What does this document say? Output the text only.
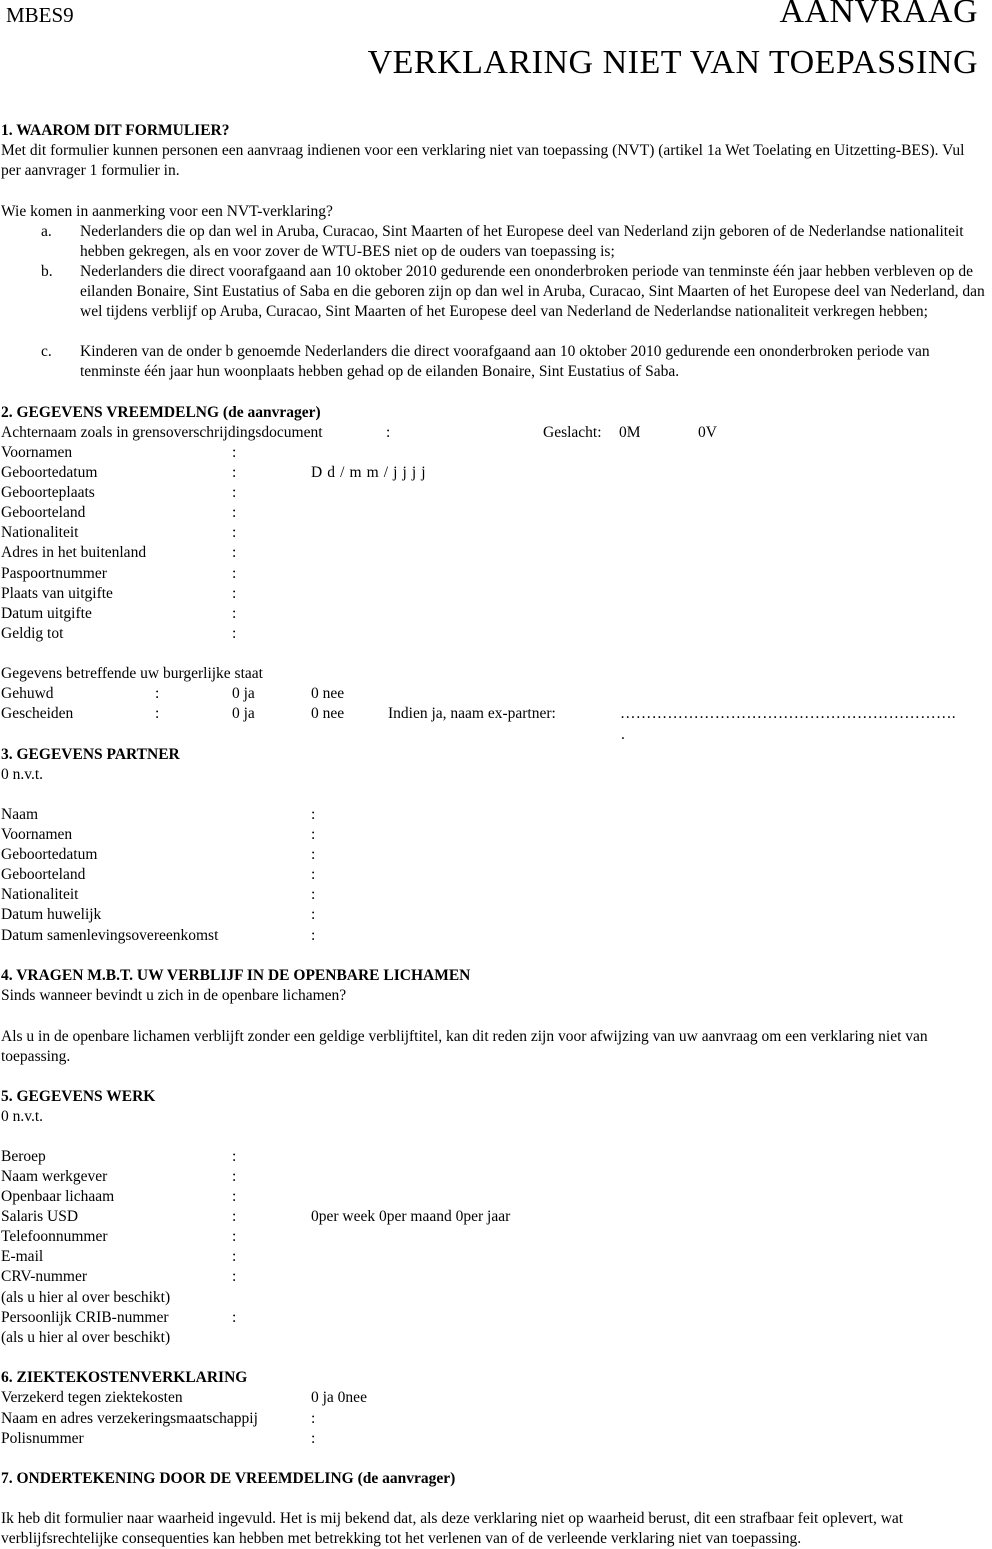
MBES9	AANVRAAG
VERKLARING NIET VAN TOEPASSING
1. WAAROM DIT FORMULIER?
Met dit formulier kunnen personen een aanvraag indienen voor een verklaring niet van toepassing (NVT) (artikel 1a Wet Toelating en Uitzetting-BES). Vul per aanvrager 1 formulier in.
Wie komen in aanmerking voor een NVT-verklaring?
a. Nederlanders die op dan wel in Aruba, Curacao, Sint Maarten of het Europese deel van Nederland zijn geboren of de Nederlandse nationaliteit hebben gekregen, als en voor zover de WTU-BES niet op de ouders van toepassing is;
b. Nederlanders die direct voorafgaand aan 10 oktober 2010 gedurende een ononderbroken periode van tenminste één jaar hebben verbleven op de eilanden Bonaire, Sint Eustatius of Saba en die geboren zijn op dan wel in Aruba, Curacao, Sint Maarten of het Europese deel van Nederland, dan wel tijdens verblijf op Aruba, Curacao, Sint Maarten of het Europese deel van Nederland de Nederlandse nationaliteit verkregen hebben;
c. Kinderen van de onder b genoemde Nederlanders die direct voorafgaand aan 10 oktober 2010 gedurende een ononderbroken periode van tenminste één jaar hun woonplaats hebben gehad op de eilanden Bonaire, Sint Eustatius of Saba.
2. GEGEVENS VREEMDELNG (de aanvrager)
Achternaam zoals in grensoverschrijdingsdocument	:	Geslacht: 0M	0V
Voornamen	:
Geboortedatum	:	D d / m m / j j j j
Geboorteplaats	:
Geboorteland	:
Nationaliteit	:
Adres in het buitenland	:
Paspoortnummer	:
Plaats van uitgifte	:
Datum uitgifte	:
Geldig tot	:
Gegevens betreffende uw burgerlijke staat
Gehuwd	:	0 ja	0 nee
Gescheiden	:	0 ja	0 nee	Indien ja, naam ex-partner:	……………………………………………………….
.
3. GEGEVENS PARTNER
0 n.v.t.
Naam	:
Voornamen	:
Geboortedatum	:
Geboorteland	:
Nationaliteit	:
Datum huwelijk	:
Datum samenlevingsovereenkomst	:
4. VRAGEN M.B.T. UW VERBLIJF IN DE OPENBARE LICHAMEN
Sinds wanneer bevindt u zich in de openbare lichamen?
Als u in de openbare lichamen verblijft zonder een geldige verblijftitel, kan dit reden zijn voor afwijzing van uw aanvraag om een verklaring niet van toepassing.
5. GEGEVENS WERK
0 n.v.t.
Beroep	:
Naam werkgever	:
Openbaar lichaam	:
Salaris USD	:	0per week 0per maand 0per jaar
Telefoonnummer	:
E-mail	:
CRV-nummer	:
(als u hier al over beschikt)
Persoonlijk CRIB-nummer	:
(als u hier al over beschikt)
6. ZIEKTEKOSTENVERKLARING
Verzekerd tegen ziektekosten	0 ja 0nee
Naam en adres verzekeringsmaatschappij	:
Polisnummer	:
7. ONDERTEKENING DOOR DE VREEMDELING (de aanvrager)
Ik heb dit formulier naar waarheid ingevuld. Het is mij bekend dat, als deze verklaring niet op waarheid berust, dit een strafbaar feit oplevert, wat verblijfsrechtelijke consequenties kan hebben met betrekking tot het verlenen van of de verleende verklaring niet van toepassing.
